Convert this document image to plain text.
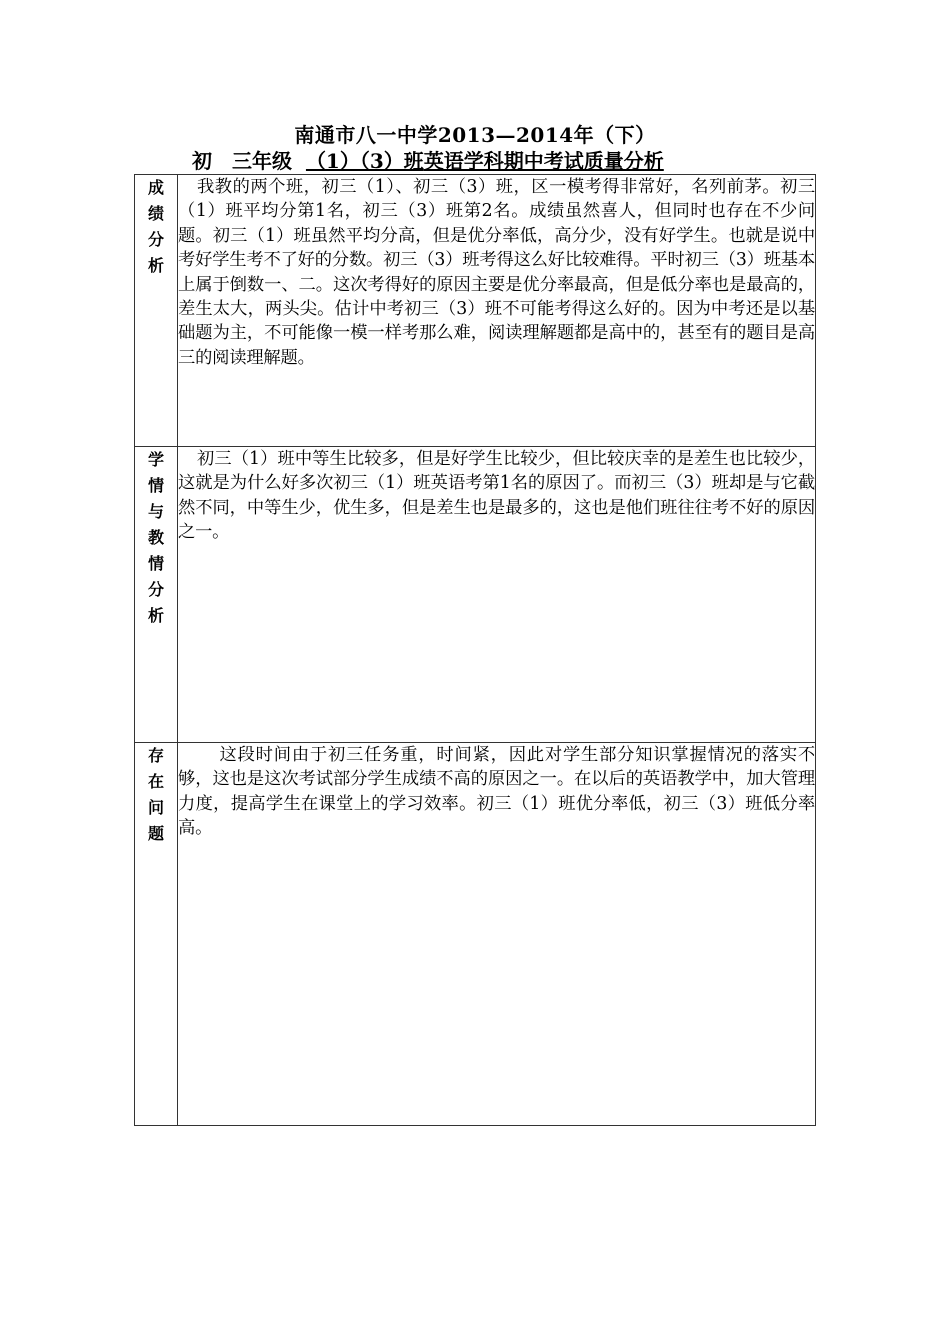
南通市八一中学2013—2014年（下）
初　三年级 （1）（3）班英语学科期中考试质量分析
成绩分析	我教的两个班，初三（1）、初三（3）班，区一模考得非常好，名列前茅。初三（1）班平均分第1名，初三（3）班第2名。成绩虽然喜人，但同时也存在不少问题。初三（1）班虽然平均分高，但是优分率低，高分少，没有好学生。也就是说中考好学生考不了好的分数。初三（3）班考得这么好比较难得。平时初三（3）班基本上属于倒数一、二。这次考得好的原因主要是优分率最高，但是低分率也是最高的，差生太大，两头尖。估计中考初三（3）班不可能考得这么好的。因为中考还是以基础题为主，不可能像一模一样考那么难，阅读理解题都是高中的，甚至有的题目是高三的阅读理解题。
学情与教情分析	初三（1）班中等生比较多，但是好学生比较少，但比较庆幸的是差生也比较少，这就是为什么好多次初三（1）班英语考第1名的原因了。而初三（3）班却是与它截然不同，中等生少，优生多，但是差生也是最多的，这也是他们班往往考不好的原因之一。
存在问题	这段时间由于初三任务重，时间紧，因此对学生部分知识掌握情况的落实不够，这也是这次考试部分学生成绩不高的原因之一。在以后的英语教学中，加大管理力度，提高学生在课堂上的学习效率。初三（1）班优分率低，初三（3）班低分率高。
